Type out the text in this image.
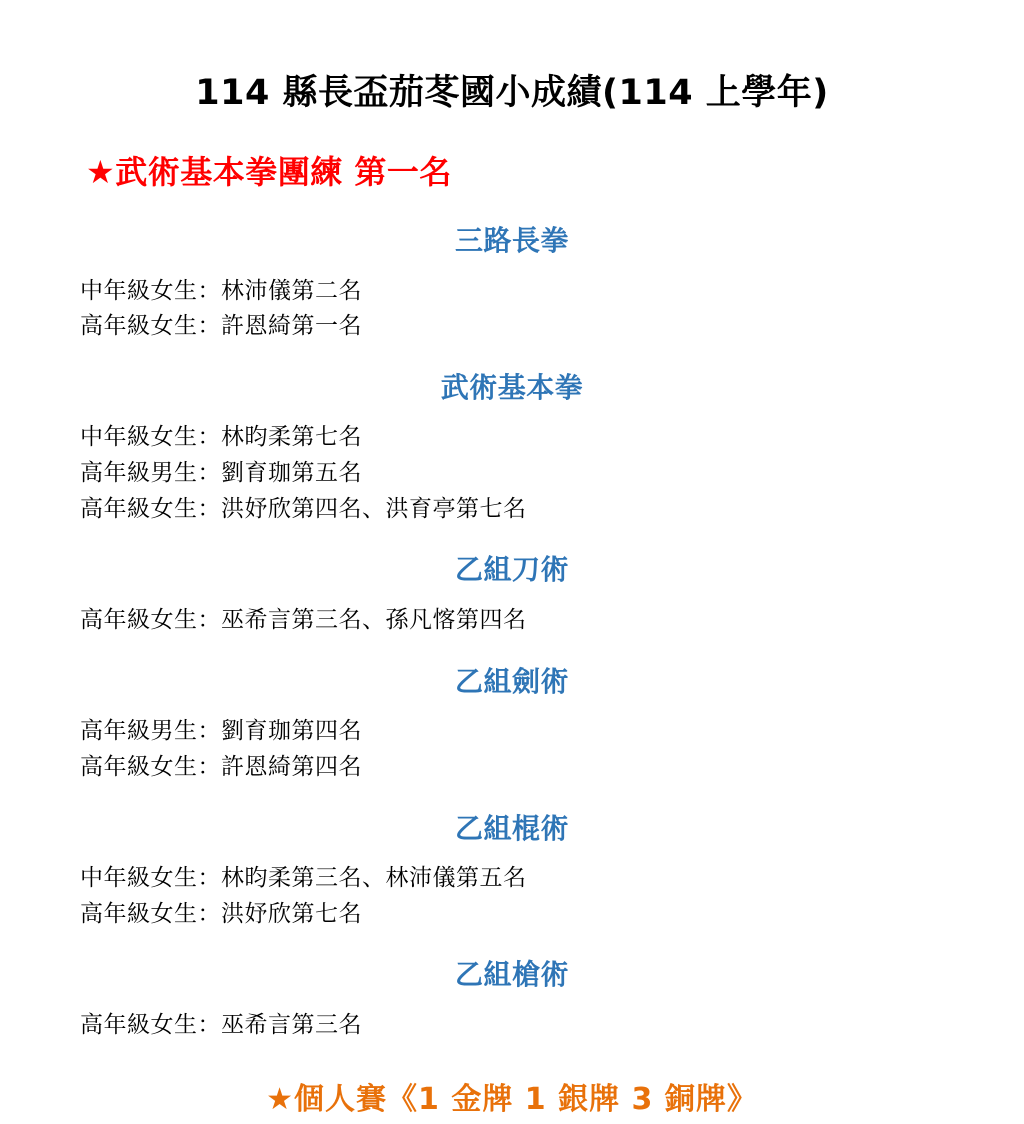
114 縣長盃茄苳國小成績(114 上學年)
★武術基本拳團練 第一名
三路長拳
中年級女生：林沛儀第二名
高年級女生：許恩綺第一名
武術基本拳
中年級女生：林昀柔第七名
高年級男生：劉育珈第五名
高年級女生：洪妤欣第四名、洪育亭第七名
乙組刀術
高年級女生：巫希言第三名、孫凡愘第四名
乙組劍術
高年級男生：劉育珈第四名
高年級女生：許恩綺第四名
乙組棍術
中年級女生：林昀柔第三名、林沛儀第五名
高年級女生：洪妤欣第七名
乙組槍術
高年級女生：巫希言第三名
★個人賽《1 金牌 1 銀牌 3 銅牌》
